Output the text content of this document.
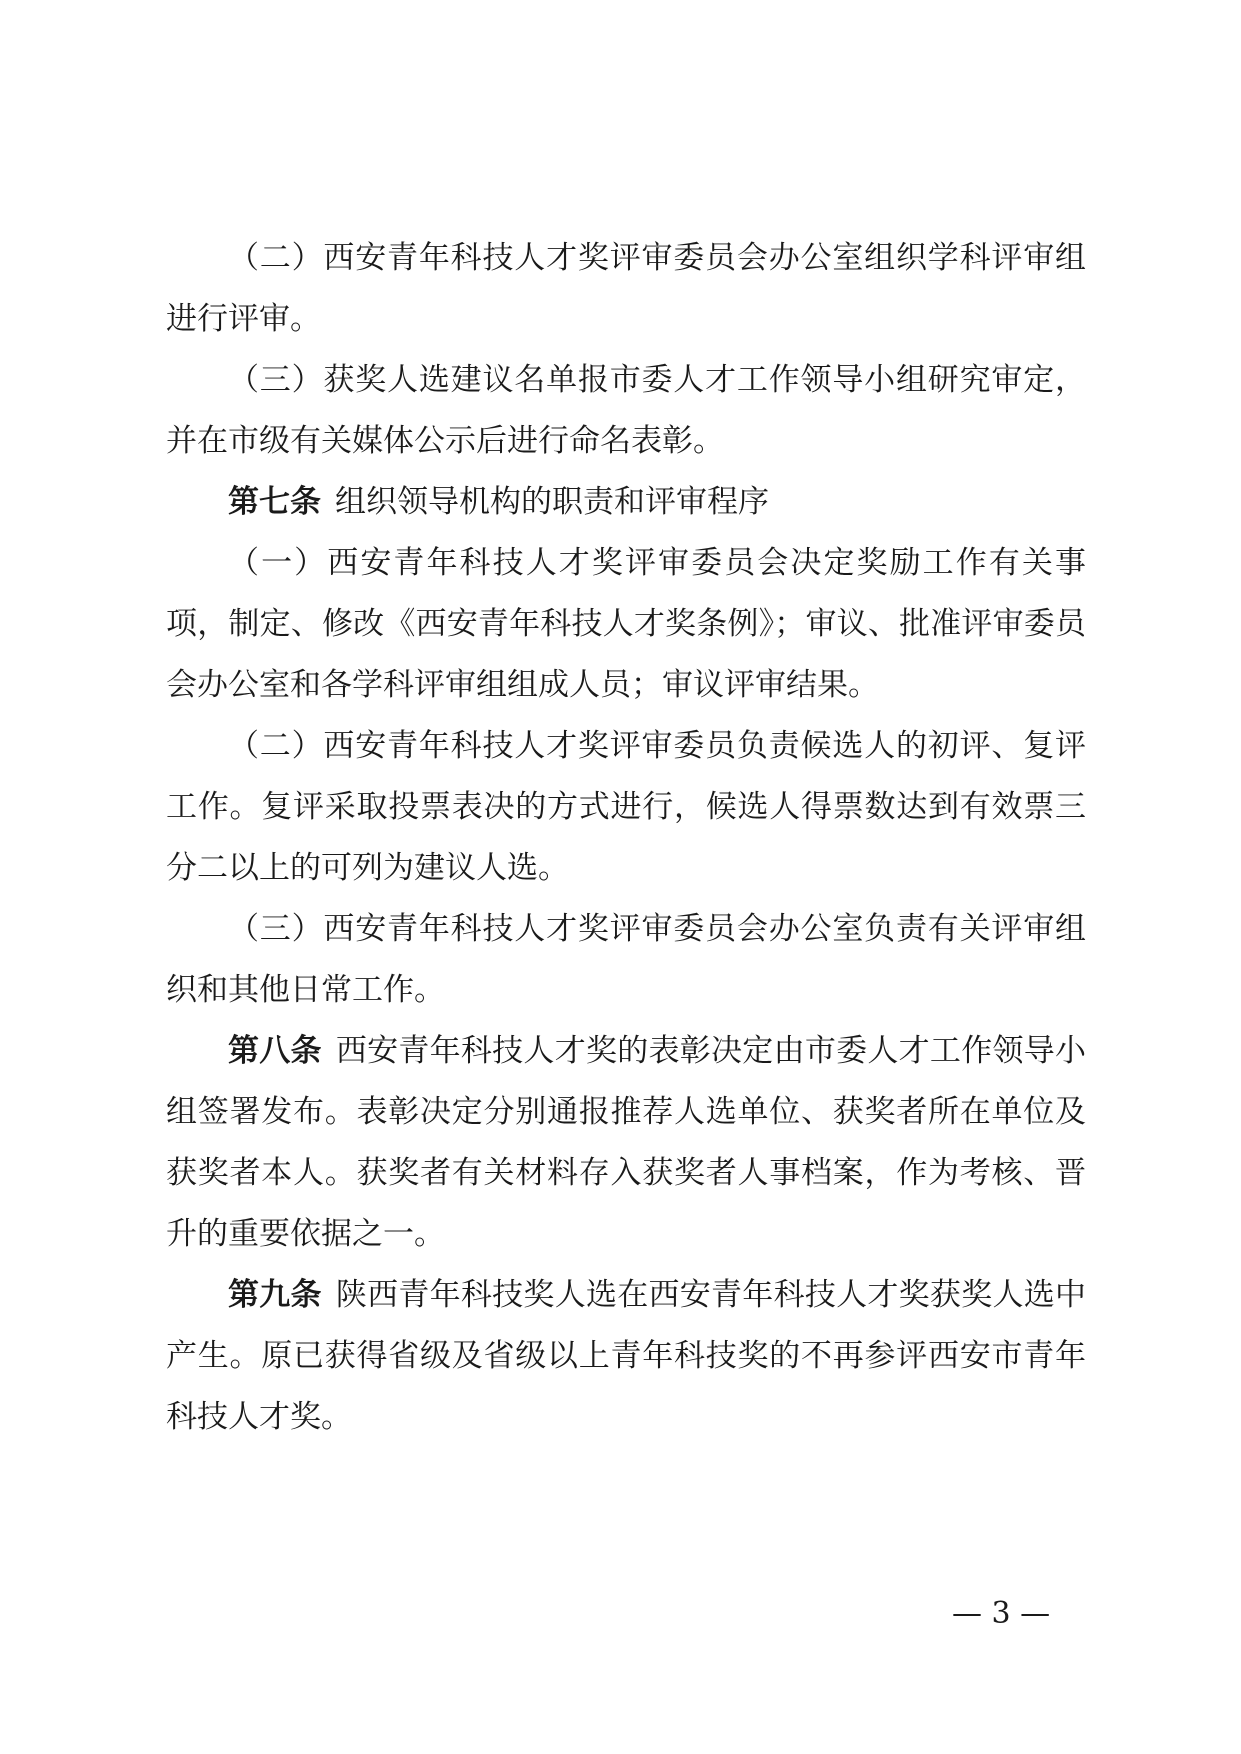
（二）西安青年科技人才奖评审委员会办公室组织学科评审组进行评审。

（三）获奖人选建议名单报市委人才工作领导小组研究审定，并在市级有关媒体公示后进行命名表彰。

第七条 组织领导机构的职责和评审程序

（一）西安青年科技人才奖评审委员会决定奖励工作有关事项，制定、修改《西安青年科技人才奖条例》；审议、批准评审委员会办公室和各学科评审组组成人员；审议评审结果。

（二）西安青年科技人才奖评审委员负责候选人的初评、复评工作。复评采取投票表决的方式进行，候选人得票数达到有效票三分二以上的可列为建议人选。

（三）西安青年科技人才奖评审委员会办公室负责有关评审组织和其他日常工作。

第八条 西安青年科技人才奖的表彰决定由市委人才工作领导小组签署发布。表彰决定分别通报推荐人选单位、获奖者所在单位及获奖者本人。获奖者有关材料存入获奖者人事档案，作为考核、晋升的重要依据之一。

第九条 陕西青年科技奖人选在西安青年科技人才奖获奖人选中产生。原已获得省级及省级以上青年科技奖的不再参评西安市青年科技人才奖。

— 3 —
